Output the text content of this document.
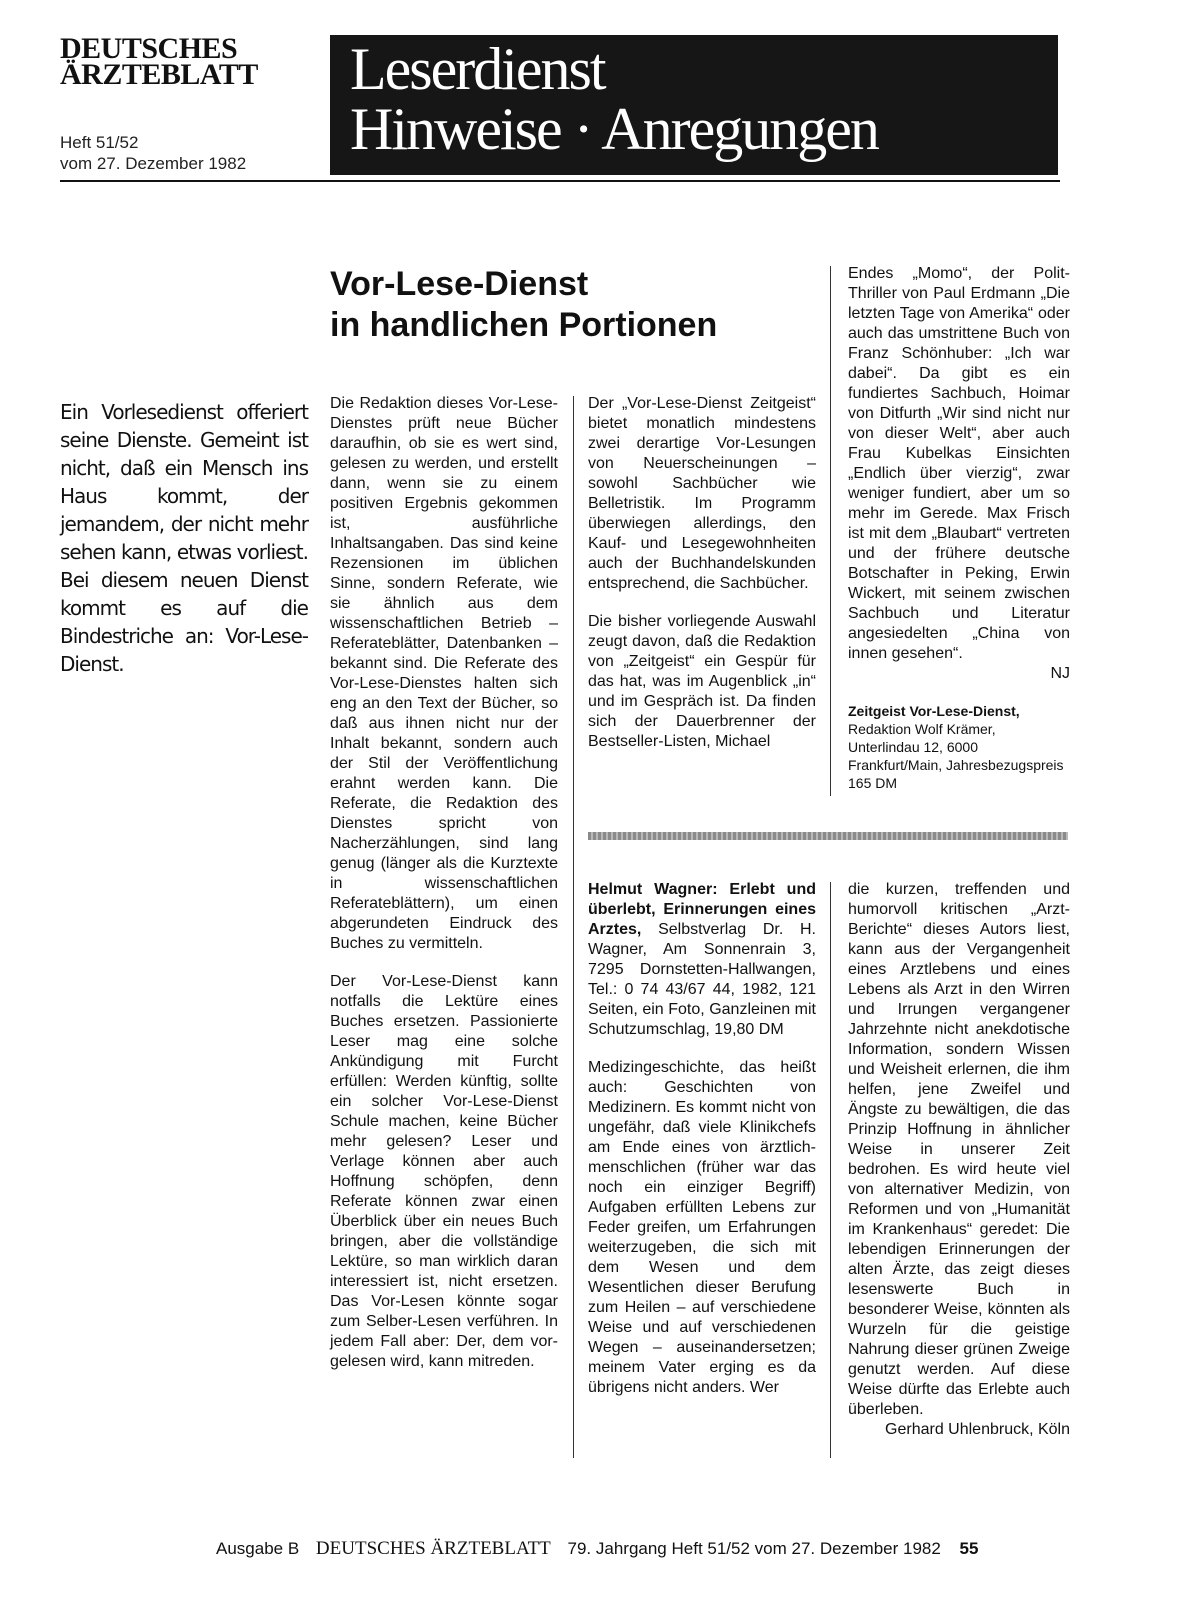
DEUTSCHES
ÄRZTEBLATT
Heft 51/52
vom 27. Dezember 1982
Leserdienst
Hinweise · Anregungen
Vor-Lese-Dienst
in handlichen Portionen
Ein Vorlesedienst offeriert seine Dienste. Gemeint ist nicht, daß ein Mensch ins Haus kommt, der jemandem, der nicht mehr sehen kann, etwas vorliest. Bei diesem neuen Dienst kommt es auf die Bindestriche an: Vor-Lese-Dienst.

Die Redaktion dieses Vor-Lese-Dienstes prüft neue Bücher daraufhin, ob sie es wert sind, gelesen zu werden, und erstellt dann, wenn sie zu einem positiven Ergebnis gekommen ist, ausführliche Inhaltsangaben. Das sind keine Rezensionen im üblichen Sinne, sondern Referate, wie sie ähnlich aus dem wissenschaftlichen Betrieb – Referateblätter, Datenbanken – bekannt sind. Die Referate des Vor-Lese-Dienstes halten sich eng an den Text der Bücher, so daß aus ihnen nicht nur der Inhalt bekannt, sondern auch der Stil der Veröffentlichung erahnt werden kann. Die Referate, die Redaktion des Dienstes spricht von Nacherzählungen, sind lang genug (länger als die Kurztexte in wissenschaftlichen Referateblättern), um einen abgerundeten Eindruck des Buches zu vermitteln.

Der Vor-Lese-Dienst kann notfalls die Lektüre eines Buches ersetzen. Passionierte Leser mag eine solche Ankündigung mit Furcht erfüllen: Werden künftig, sollte ein solcher Vor-Lese-Dienst Schule machen, keine Bücher mehr gelesen? Leser und Verlage können aber auch Hoffnung schöpfen, denn Referate können zwar einen Überblick über ein neues Buch bringen, aber die vollständige Lektüre, so man wirklich daran interessiert ist, nicht ersetzen. Das Vor-Lesen könnte sogar zum Selber-Lesen verführen. In jedem Fall aber: Der, dem vor-gelesen wird, kann mitreden.

Der „Vor-Lese-Dienst Zeitgeist“ bietet monatlich mindestens zwei derartige Vor-Lesungen von Neuerscheinungen – sowohl Sachbücher wie Belletristik. Im Programm überwiegen allerdings, den Kauf- und Lesegewohnheiten auch der Buchhandelskunden entsprechend, die Sachbücher.

Die bisher vorliegende Auswahl zeugt davon, daß die Redaktion von „Zeitgeist“ ein Gespür für das hat, was im Augenblick „in“ und im Gespräch ist. Da finden sich der Dauerbrenner der Bestseller-Listen, Michael

Endes „Momo“, der Polit-Thriller von Paul Erdmann „Die letzten Tage von Amerika“ oder auch das umstrittene Buch von Franz Schönhuber: „Ich war dabei“. Da gibt es ein fundiertes Sachbuch, Hoimar von Ditfurth „Wir sind nicht nur von dieser Welt“, aber auch Frau Kubelkas Einsichten „Endlich über vierzig“, zwar weniger fundiert, aber um so mehr im Gerede. Max Frisch ist mit dem „Blaubart“ vertreten und der frühere deutsche Botschafter in Peking, Erwin Wickert, mit seinem zwischen Sachbuch und Literatur angesiedelten „China von innen gesehen“.
NJ

Zeitgeist Vor-Lese-Dienst, Redaktion Wolf Krämer, Unterlindau 12, 6000 Frankfurt/Main, Jahresbezugspreis 165 DM

Helmut Wagner: Erlebt und überlebt, Erinnerungen eines Arztes, Selbstverlag Dr. H. Wagner, Am Sonnenrain 3, 7295 Dornstetten-Hallwangen, Tel.: 0 74 43/67 44, 1982, 121 Seiten, ein Foto, Ganzleinen mit Schutzumschlag, 19,80 DM

Medizingeschichte, das heißt auch: Geschichten von Medizinern. Es kommt nicht von ungefähr, daß viele Klinikchefs am Ende eines von ärztlich-menschlichen (früher war das noch ein einziger Begriff) Aufgaben erfüllten Lebens zur Feder greifen, um Erfahrungen weiterzugeben, die sich mit dem Wesen und dem Wesentlichen dieser Berufung zum Heilen – auf verschiedene Weise und auf verschiedenen Wegen – auseinandersetzen; meinem Vater erging es da übrigens nicht anders. Wer

die kurzen, treffenden und humorvoll kritischen „Arzt-Berichte“ dieses Autors liest, kann aus der Vergangenheit eines Arztlebens und eines Lebens als Arzt in den Wirren und Irrungen vergangener Jahrzehnte nicht anekdotische Information, sondern Wissen und Weisheit erlernen, die ihm helfen, jene Zweifel und Ängste zu bewältigen, die das Prinzip Hoffnung in ähnlicher Weise in unserer Zeit bedrohen. Es wird heute viel von alternativer Medizin, von Reformen und von „Humanität im Krankenhaus“ geredet: Die lebendigen Erinnerungen der alten Ärzte, das zeigt dieses lesenswerte Buch in besonderer Weise, könnten als Wurzeln für die geistige Nahrung dieser grünen Zweige genutzt werden. Auf diese Weise dürfte das Erlebte auch überleben.
Gerhard Uhlenbruck, Köln

Ausgabe B DEUTSCHES ÄRZTEBLATT 79. Jahrgang Heft 51/52 vom 27. Dezember 1982 55
